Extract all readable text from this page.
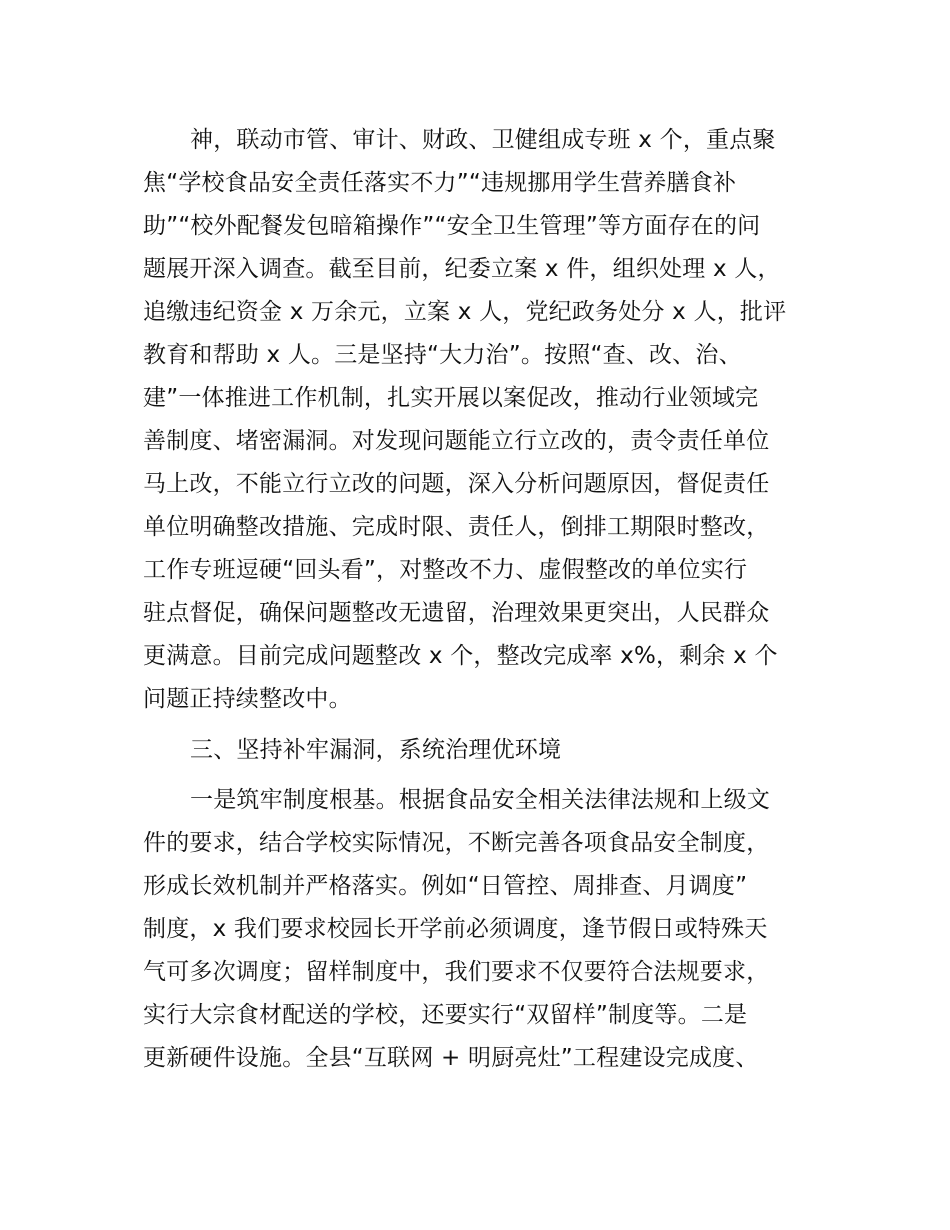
神，联动市管、审计、财政、卫健组成专班 x 个，重点聚
焦“学校食品安全责任落实不力”“违规挪用学生营养膳食补
助”“校外配餐发包暗箱操作”“安全卫生管理”等方面存在的问
题展开深入调查。截至目前，纪委立案 x 件，组织处理 x 人，
追缴违纪资金 x 万余元，立案 x 人，党纪政务处分 x 人，批评
教育和帮助 x 人。三是坚持“大力治”。按照“查、改、治、
建”一体推进工作机制，扎实开展以案促改，推动行业领域完
善制度、堵密漏洞。对发现问题能立行立改的，责令责任单位
马上改，不能立行立改的问题，深入分析问题原因，督促责任
单位明确整改措施、完成时限、责任人，倒排工期限时整改，
工作专班逗硬“回头看”，对整改不力、虚假整改的单位实行
驻点督促，确保问题整改无遗留，治理效果更突出，人民群众
更满意。目前完成问题整改 x 个，整改完成率 x%，剩余 x 个
问题正持续整改中。
三、坚持补牢漏洞，系统治理优环境
一是筑牢制度根基。根据食品安全相关法律法规和上级文
件的要求，结合学校实际情况，不断完善各项食品安全制度，
形成长效机制并严格落实。例如“日管控、周排查、月调度”
制度，x 我们要求校园长开学前必须调度，逢节假日或特殊天
气可多次调度；留样制度中，我们要求不仅要符合法规要求，
实行大宗食材配送的学校，还要实行“双留样”制度等。二是
更新硬件设施。全县“互联网 + 明厨亮灶”工程建设完成度、
